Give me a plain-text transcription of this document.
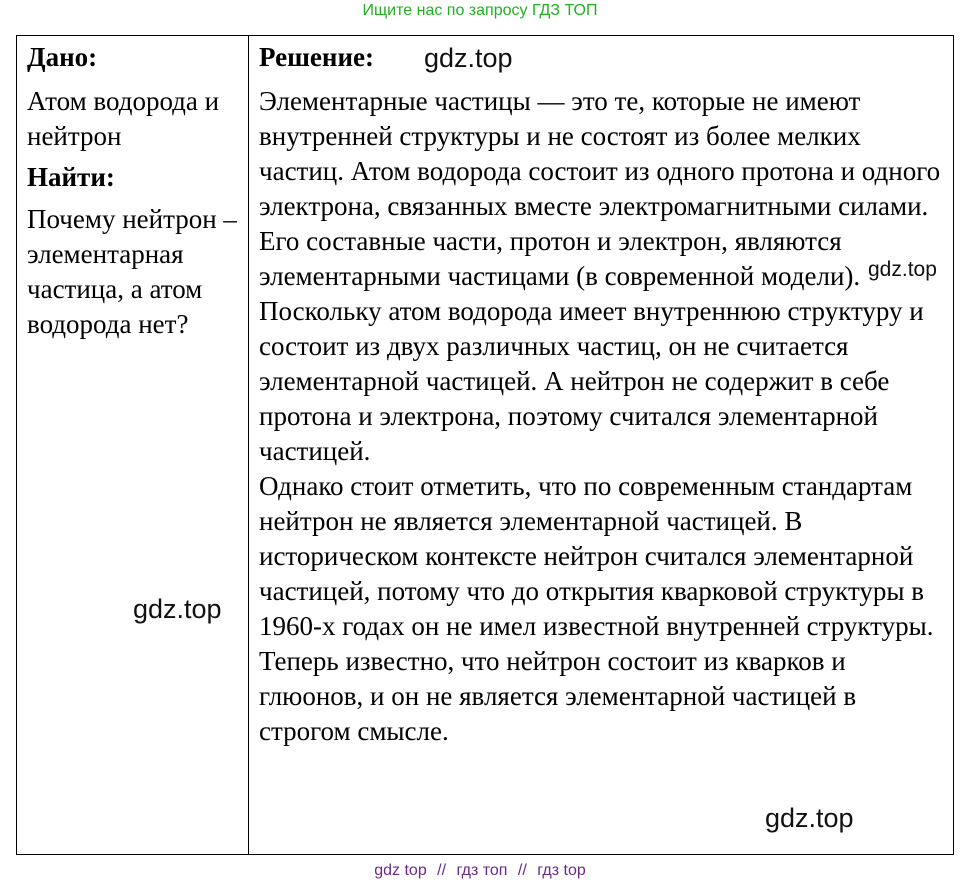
Ищите нас по запросу ГДЗ ТОП

Дано:

Атом водорода и нейтрон

Найти:

Почему нейтрон – элементарная частица, а атом водорода нет?

Решение:

Элементарные частицы — это те, которые не имеют внутренней структуры и не состоят из более мелких частиц. Атом водорода состоит из одного протона и одного электрона, связанных вместе электромагнитными силами. Его составные части, протон и электрон, являются элементарными частицами (в современной модели). Поскольку атом водорода имеет внутреннюю структуру и состоит из двух различных частиц, он не считается элементарной частицей. А нейтрон не содержит в себе протона и электрона, поэтому считался элементарной частицей.

Однако стоит отметить, что по современным стандартам нейтрон не является элементарной частицей. В историческом контексте нейтрон считался элементарной частицей, потому что до открытия кварковой структуры в 1960-х годах он не имел известной внутренней структуры. Теперь известно, что нейтрон состоит из кварков и глюонов, и он не является элементарной частицей в строгом смысле.

gdz.top
gdz.top
gdz.top
gdz.top
gdz top // гдз топ // гдз top
